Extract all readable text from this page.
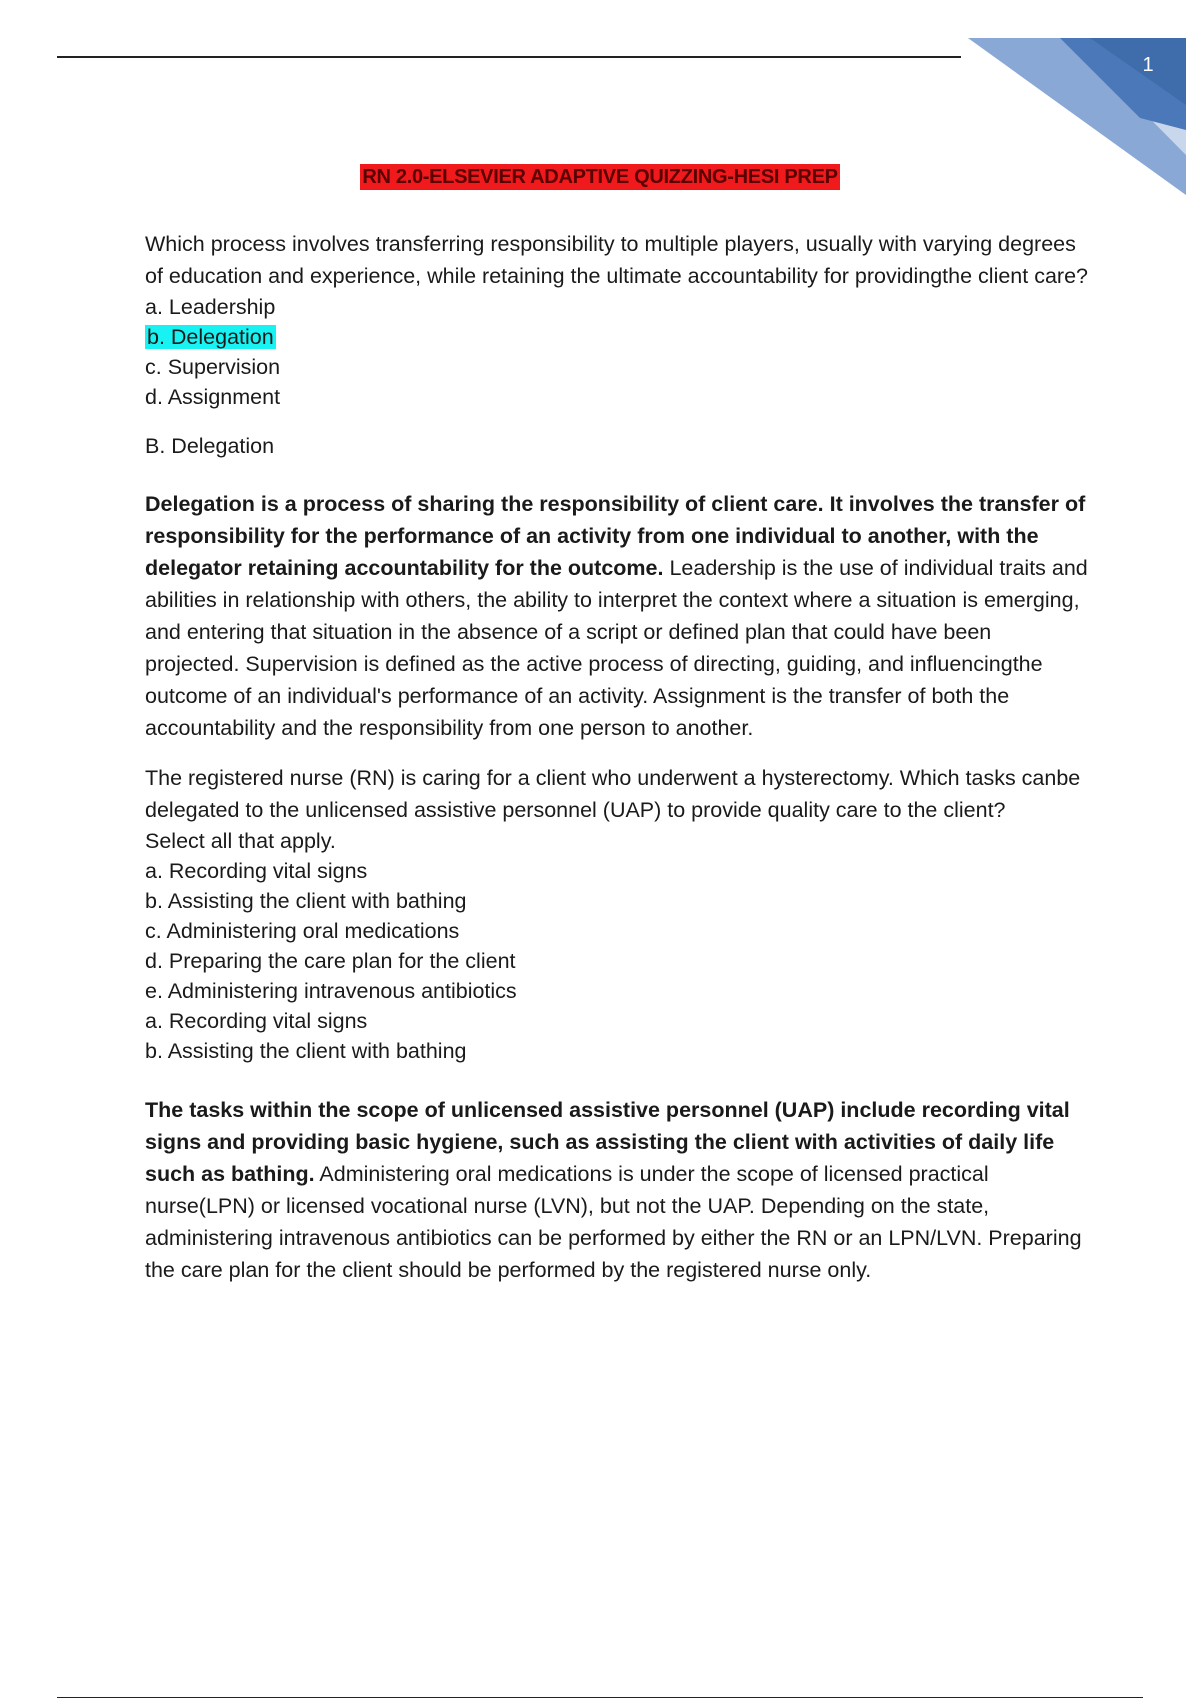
1
RN 2.0-ELSEVIER ADAPTIVE QUIZZING-HESI PREP

Which process involves transferring responsibility to multiple players, usually with varying degrees of education and experience, while retaining the ultimate accountability for providingthe client care?

a. Leadership
b. Delegation
c. Supervision
d. Assignment

B. Delegation

Delegation is a process of sharing the responsibility of client care. It involves the transfer of responsibility for the performance of an activity from one individual to another, with the delegator retaining accountability for the outcome. Leadership is the use of individual traits and abilities in relationship with others, the ability to interpret the context where a situation is emerging, and entering that situation in the absence of a script or defined plan that could have been projected. Supervision is defined as the active process of directing, guiding, and influencingthe outcome of an individual's performance of an activity. Assignment is the transfer of both the accountability and the responsibility from one person to another.

The registered nurse (RN) is caring for a client who underwent a hysterectomy. Which tasks canbe delegated to the unlicensed assistive personnel (UAP) to provide quality care to the client?

Select all that apply.
a. Recording vital signs
b. Assisting the client with bathing
c. Administering oral medications
d. Preparing the care plan for the client
e. Administering intravenous antibiotics
a. Recording vital signs
b. Assisting the client with bathing

The tasks within the scope of unlicensed assistive personnel (UAP) include recording vital signs and providing basic hygiene, such as assisting the client with activities of daily life such as bathing. Administering oral medications is under the scope of licensed practical nurse(LPN) or licensed vocational nurse (LVN), but not the UAP. Depending on the state, administering intravenous antibiotics can be performed by either the RN or an LPN/LVN. Preparing the care plan for the client should be performed by the registered nurse only.
